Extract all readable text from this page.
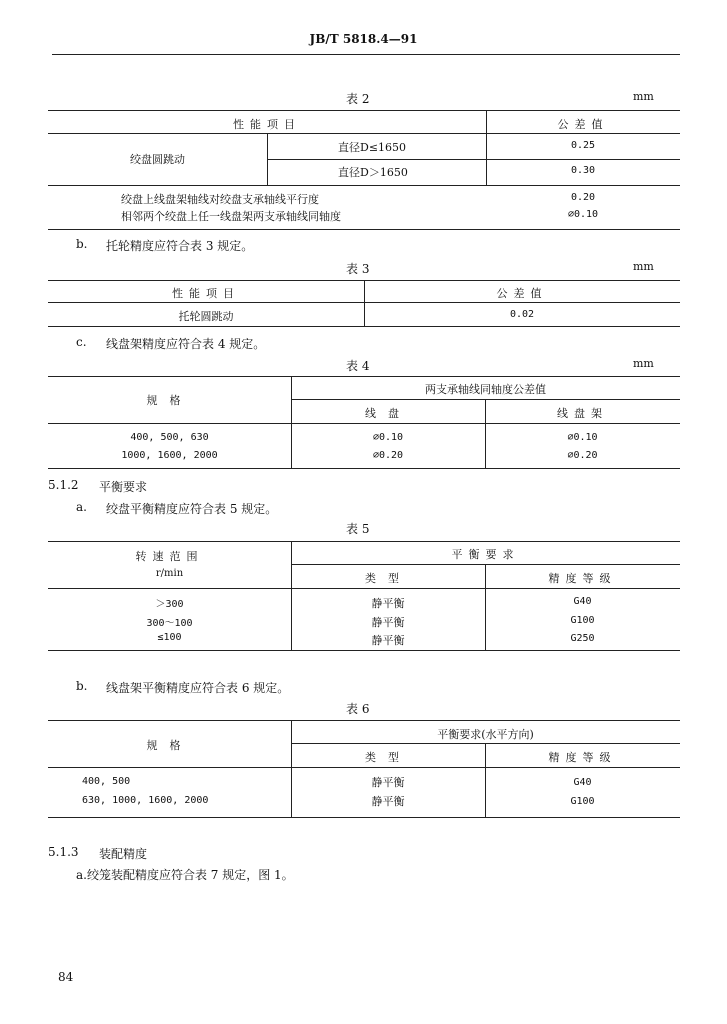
JB/T 5818.4—91
表 2	mm
性能项目	公差值
绞盘圆跳动
直径D≤1650	0.25
直径D＞1650	0.30
绞盘上线盘架轴线对绞盘支承轴线平行度	0.20
相邻两个绞盘上任一线盘架两支承轴线同轴度	∅0.10
b. 托轮精度应符合表 3 规定。
表 3	mm
性能项目	公差值
托轮圆跳动	0.02
c. 线盘架精度应符合表 4 规定。
表 4	mm
规格
两支承轴线同轴度公差值
线盘	线盘架
400, 500, 630	∅0.10	∅0.10
1000, 1600, 2000	∅0.20	∅0.20
5.1.2 平衡要求
a. 绞盘平衡精度应符合表 5 规定。
表 5
转速范围
r/min
平衡要求
类型	精度等级
＞300	静平衡	G40
300～100	静平衡	G100
≤100	静平衡	G250
b. 线盘架平衡精度应符合表 6 规定。
表 6
规格
平衡要求(水平方向)
类型	精度等级
400, 500	静平衡	G40
630, 1000, 1600, 2000	静平衡	G100
5.1.3 装配精度
a.绞笼装配精度应符合表 7 规定，图 1。
84
